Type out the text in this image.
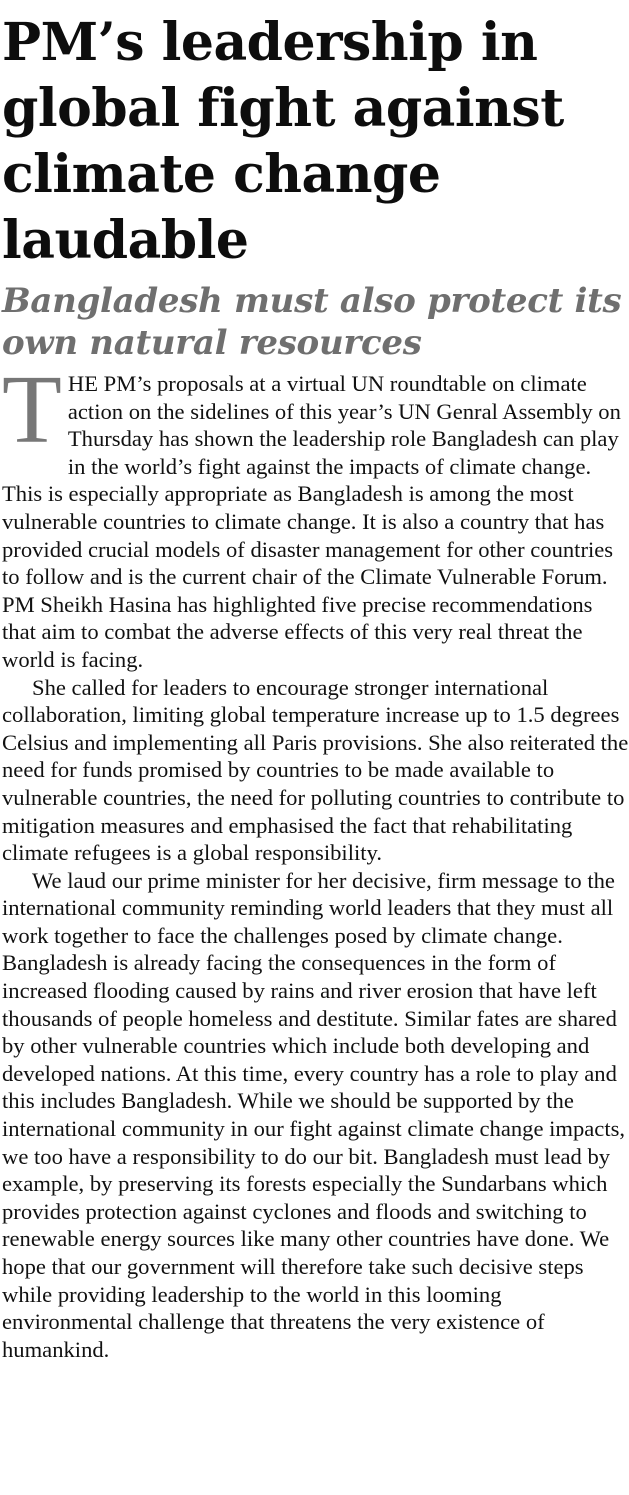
PM’s leadership in global fight against climate change laudable
Bangladesh must also protect its own natural resources

THE PM’s proposals at a virtual UN roundtable on climate action on the sidelines of this year’s UN Genral Assembly on Thursday has shown the leadership role Bangladesh can play in the world’s fight against the impacts of climate change. This is especially appropriate as Bangladesh is among the most vulnerable countries to climate change. It is also a country that has provided crucial models of disaster management for other countries to follow and is the current chair of the Climate Vulnerable Forum. PM Sheikh Hasina has highlighted five precise recommendations that aim to combat the adverse effects of this very real threat the world is facing.

She called for leaders to encourage stronger international collaboration, limiting global temperature increase up to 1.5 degrees Celsius and implementing all Paris provisions. She also reiterated the need for funds promised by countries to be made available to vulnerable countries, the need for polluting countries to contribute to mitigation measures and emphasised the fact that rehabilitating climate refugees is a global responsibility.

We laud our prime minister for her decisive, firm message to the international community reminding world leaders that they must all work together to face the challenges posed by climate change. Bangladesh is already facing the consequences in the form of increased flooding caused by rains and river erosion that have left thousands of people homeless and destitute. Similar fates are shared by other vulnerable countries which include both developing and developed nations. At this time, every country has a role to play and this includes Bangladesh. While we should be supported by the international community in our fight against climate change impacts, we too have a responsibility to do our bit. Bangladesh must lead by example, by preserving its forests especially the Sundarbans which provides protection against cyclones and floods and switching to renewable energy sources like many other countries have done. We hope that our government will therefore take such decisive steps while providing leadership to the world in this looming environmental challenge that threatens the very existence of humankind.
